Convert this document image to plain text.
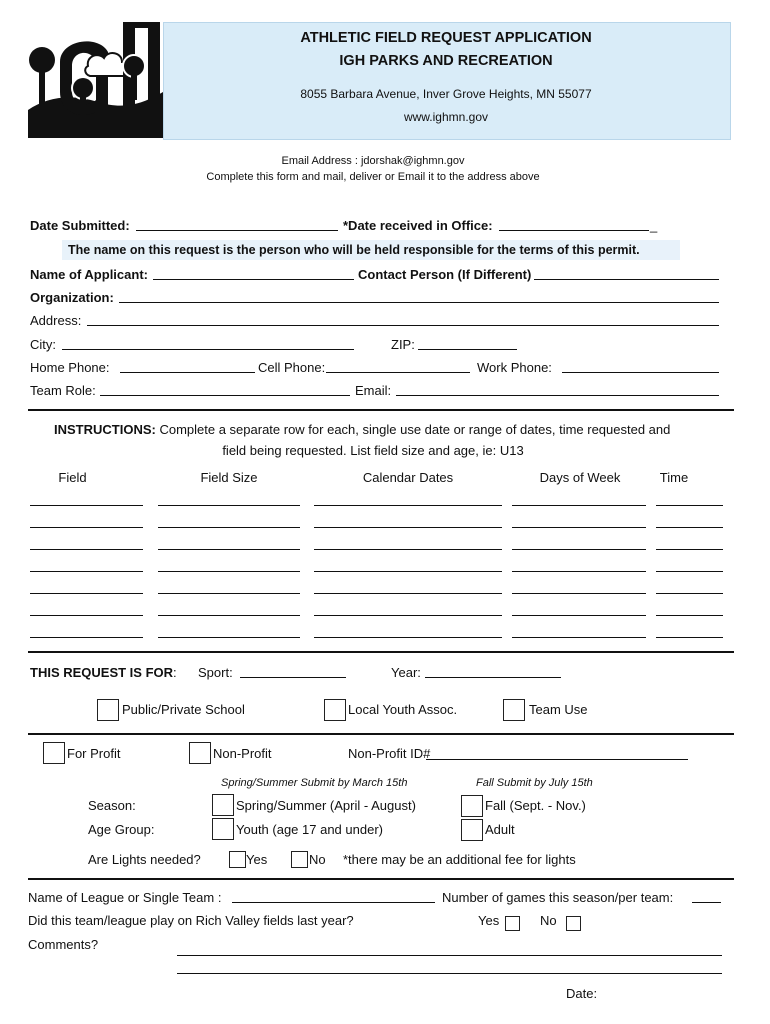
ATHLETIC FIELD REQUEST APPLICATION
IGH PARKS AND RECREATION
8055 Barbara Avenue, Inver Grove Heights, MN 55077
www.ighmn.gov
Email Address : jdorshak@ighmn.gov
Complete this form and mail, deliver or Email it to the address above
Date Submitted:	*Date received in Office:	_
The name on this request is the person who will be held responsible for the terms of this permit.
Name of Applicant:	Contact Person (If Different)
Organization:
Address:
City:	ZIP:
Home Phone:	Cell Phone:	Work Phone:
Team Role:	Email:
INSTRUCTIONS: Complete a separate row for each, single use date or range of dates, time requested and
field being requested. List field size and age, ie: U13
Field	Field Size	Calendar Dates	Days of Week	Time
THIS REQUEST IS FOR: Sport:	Year:
Public/Private School	Local Youth Assoc.	Team Use
For Profit	Non-Profit	Non-Profit ID#
Spring/Summer Submit by March 15th	Fall Submit by July 15th
Season:	Spring/Summer (April - August)	Fall (Sept. - Nov.)
Age Group:	Youth (age 17 and under)	Adult
Are Lights needed?	Yes	No *there may be an additional fee for lights
Name of League or Single Team :	Number of games this season/per team:
Did this team/league play on Rich Valley fields last year?	Yes	No
Comments?
Date:
